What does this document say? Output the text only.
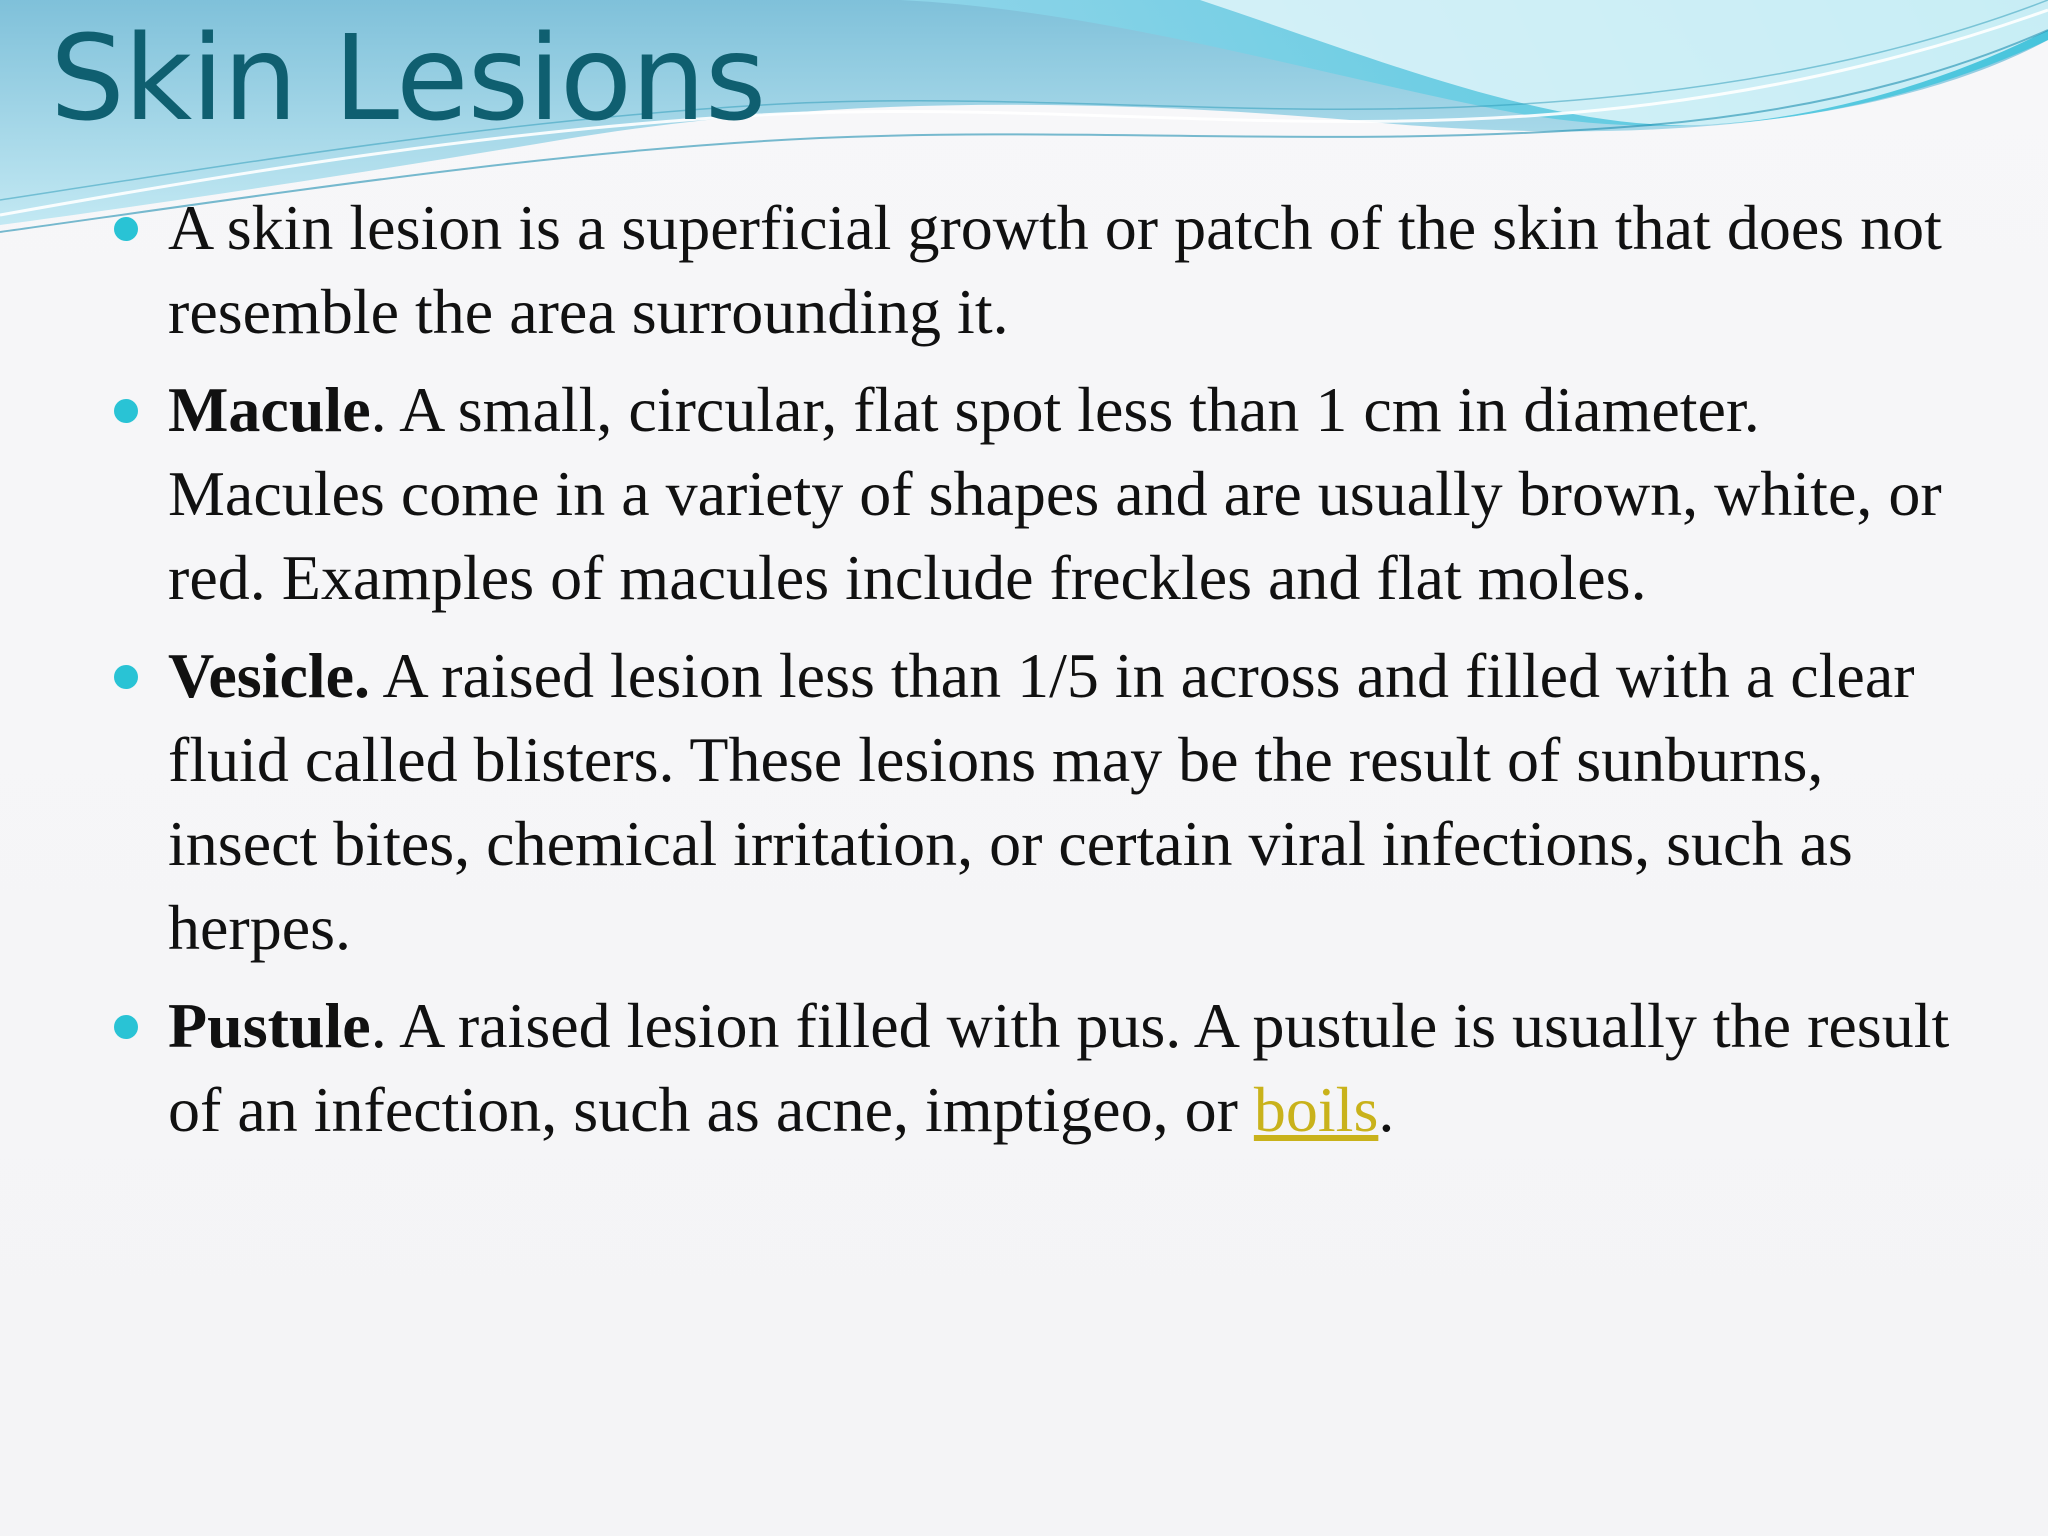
Skin Lesions
A skin lesion is a superficial growth or patch of the skin that does not resemble the area surrounding it.
Macule. A small, circular, flat spot less than 1 cm in diameter. Macules come in a variety of shapes and are usually brown, white, or red. Examples of macules include freckles and flat moles.
Vesicle. A raised lesion less than 1/5 in across and filled with a clear fluid called blisters. These lesions may be the result of sunburns, insect bites, chemical irritation, or certain viral infections, such as herpes.
Pustule. A raised lesion filled with pus. A pustule is usually the result of an infection, such as acne, imptigeo, or boils.
